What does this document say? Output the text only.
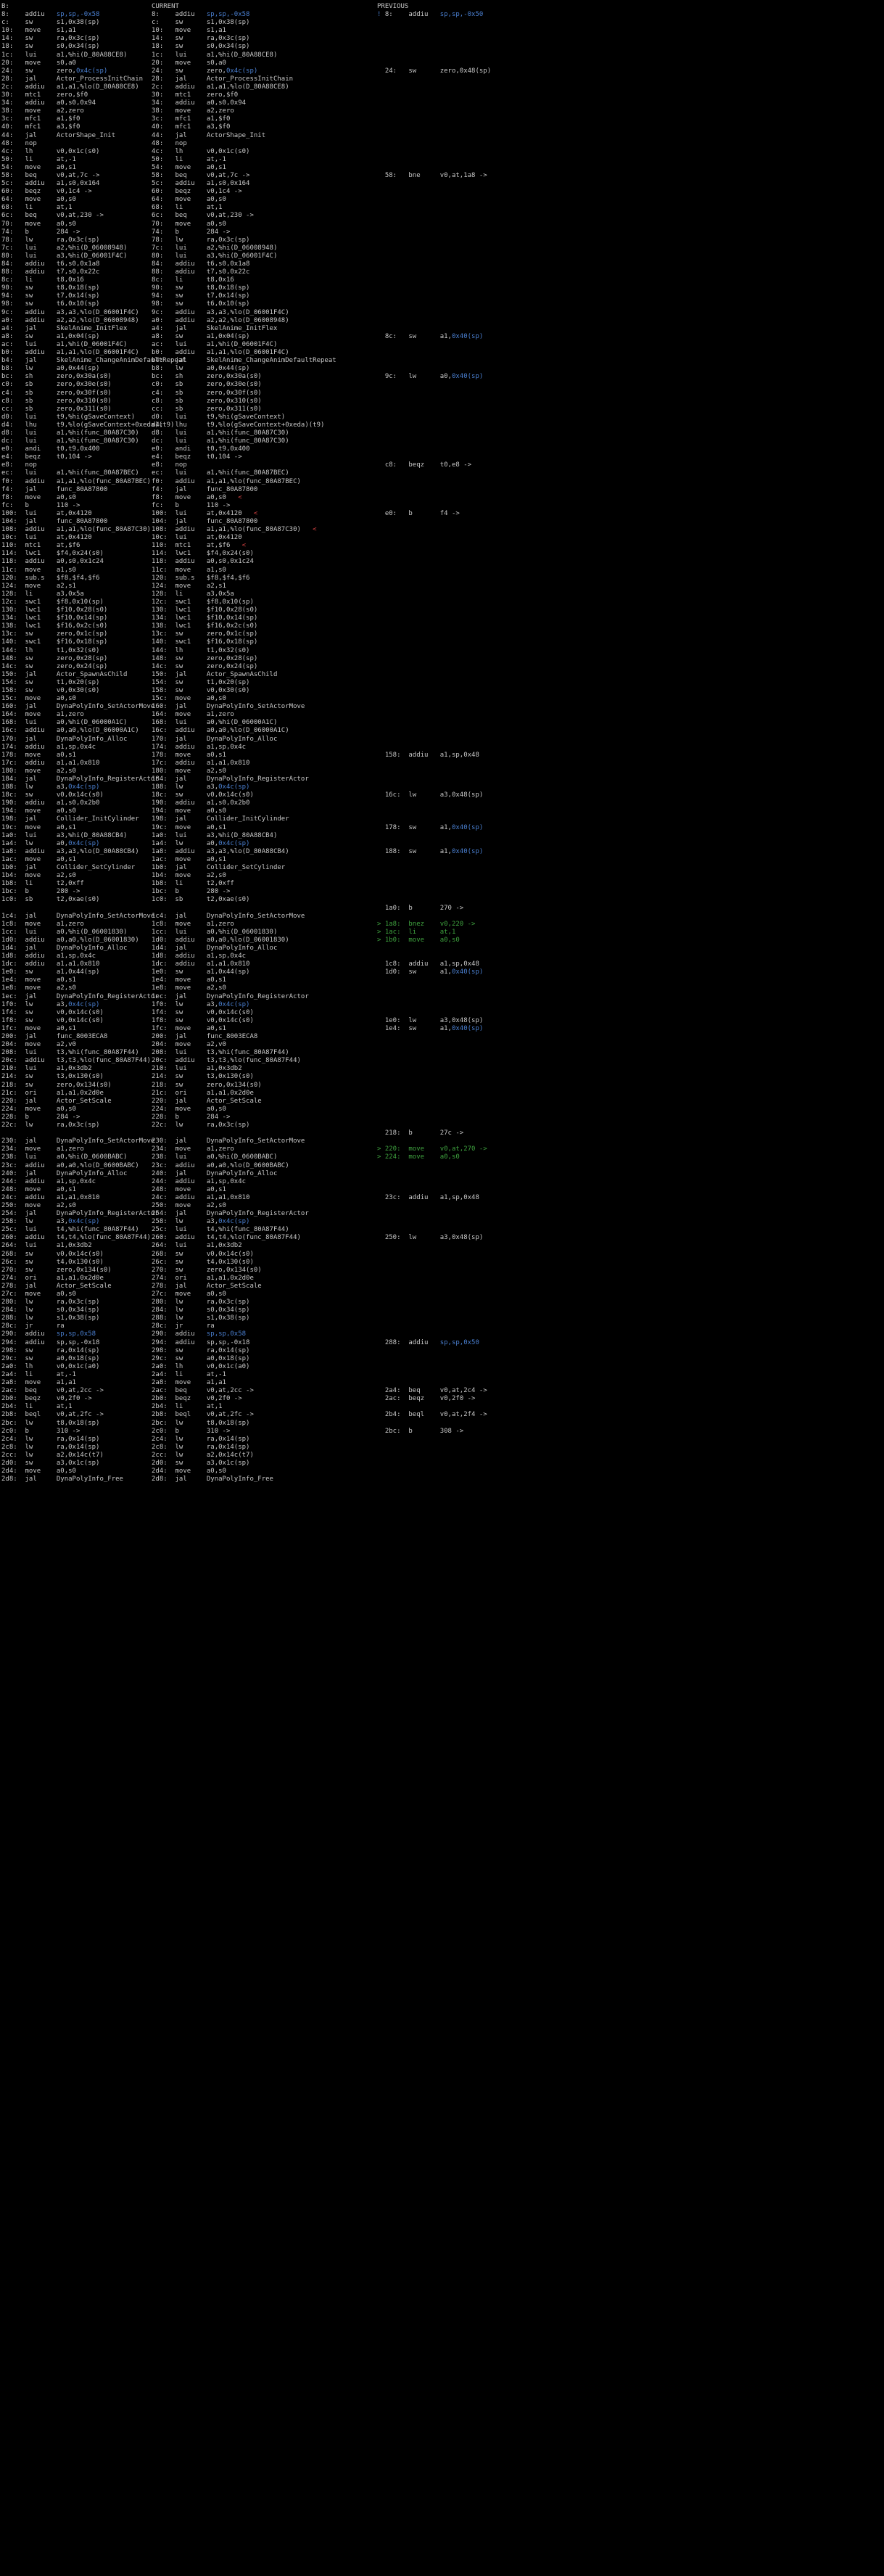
B:
8:    addiu   sp,sp,-0x58
c:    sw      s1,0x38(sp)
10:   move    s1,a1
14:   sw      ra,0x3c(sp)
18:   sw      s0,0x34(sp)
1c:   lui     a1,%hi(D_80A88CE8)
20:   move    s0,a0
24:   sw      zero,0x4c(sp)
28:   jal     Actor_ProcessInitChain
2c:   addiu   a1,a1,%lo(D_80A88CE8)
30:   mtc1    zero,$f0
34:   addiu   a0,s0,0x94
38:   move    a2,zero
3c:   mfc1    a1,$f0
40:   mfc1    a3,$f0
44:   jal     ActorShape_Init
48:   nop
4c:   lh      v0,0x1c(s0)
50:   li      at,-1
54:   move    a0,s1
58:   beq     v0,at,7c ->
5c:   addiu   a1,s0,0x164
60:   beqz    v0,1c4 ->
64:   move    a0,s0
68:   li      at,1
6c:   beq     v0,at,230 ->
70:   move    a0,s0
74:   b       284 ->
78:   lw      ra,0x3c(sp)
7c:   lui     a2,%hi(D_06008948)
80:   lui     a3,%hi(D_06001F4C)
84:   addiu   t6,s0,0x1a8
88:   addiu   t7,s0,0x22c
8c:   li      t8,0x16
90:   sw      t8,0x18(sp)
94:   sw      t7,0x14(sp)
98:   sw      t6,0x10(sp)
9c:   addiu   a3,a3,%lo(D_06001F4C)
a0:   addiu   a2,a2,%lo(D_06008948)
a4:   jal     SkelAnime_InitFlex
a8:   sw      a1,0x04(sp)
ac:   lui     a1,%hi(D_06001F4C)
b0:   addiu   a1,a1,%lo(D_06001F4C)
b4:   jal     SkelAnime_ChangeAnimDefaultRepeat
b8:   lw      a0,0x44(sp)
bc:   sh      zero,0x30a(s0)
c0:   sb      zero,0x30e(s0)
c4:   sb      zero,0x30f(s0)
c8:   sb      zero,0x310(s0)
cc:   sb      zero,0x311(s0)
d0:   lui     t9,%hi(gSaveContext)
d4:   lhu     t9,%lo(gSaveContext+0xeda)(t9)
d8:   lui     a1,%hi(func_80A87C30)
dc:   lui     a1,%hi(func_80A87C30)
e0:   andi    t0,t9,0x400
e4:   beqz    t0,104 ->
e8:   nop
ec:   lui     a1,%hi(func_80A87BEC)
f0:   addiu   a1,a1,%lo(func_80A87BEC)
f4:   jal     func_80A87800
f8:   move    a0,s0
fc:   b       110 ->
100:  lui     at,0x4120
104:  jal     func_80A87800
108:  addiu   a1,a1,%lo(func_80A87C30)
10c:  lui     at,0x4120
110:  mtc1    at,$f6
114:  lwc1    $f4,0x24(s0)
118:  addiu   a0,s0,0x1c24
11c:  move    a1,s0
120:  sub.s   $f8,$f4,$f6
124:  move    a2,s1
128:  li      a3,0x5a
12c:  swc1    $f8,0x10(sp)
130:  lwc1    $f10,0x28(s0)
134:  lwc1    $f10,0x14(sp)
138:  lwc1    $f16,0x2c(s0)
13c:  sw      zero,0x1c(sp)
140:  swc1    $f16,0x18(sp)
144:  lh      t1,0x32(s0)
148:  sw      zero,0x28(sp)
14c:  sw      zero,0x24(sp)
150:  jal     Actor_SpawnAsChild
154:  sw      t1,0x20(sp)
158:  sw      v0,0x30(s0)
15c:  move    a0,s0
160:  jal     DynaPolyInfo_SetActorMove
164:  move    a1,zero
168:  lui     a0,%hi(D_06000A1C)
16c:  addiu   a0,a0,%lo(D_06000A1C)
170:  jal     DynaPolyInfo_Alloc
174:  addiu   a1,sp,0x4c
178:  move    a0,s1
17c:  addiu   a1,a1,0x810
180:  move    a2,s0
184:  jal     DynaPolyInfo_RegisterActor
188:  lw      a3,0x4c(sp)
18c:  sw      v0,0x14c(s0)
190:  addiu   a1,s0,0x2b0
194:  move    a0,s0
198:  jal     Collider_InitCylinder
19c:  move    a0,s1
1a0:  lui     a3,%hi(D_80A88CB4)
1a4:  lw      a0,0x4c(sp)
1a8:  addiu   a3,a3,%lo(D_80A88CB4)
1ac:  move    a0,s1
1b0:  jal     Collider_SetCylinder
1b4:  move    a2,s0
1b8:  li      t2,0xff
1bc:  b       280 ->
1c0:  sb      t2,0xae(s0)

1c4:  jal     DynaPolyInfo_SetActorMove
1c8:  move    a1,zero
1cc:  lui     a0,%hi(D_06001830)
1d0:  addiu   a0,a0,%lo(D_06001830)
1d4:  jal     DynaPolyInfo_Alloc
1d8:  addiu   a1,sp,0x4c
1dc:  addiu   a1,a1,0x810
1e0:  sw      a1,0x44(sp)
1e4:  move    a0,s1
1e8:  move    a2,s0
1ec:  jal     DynaPolyInfo_RegisterActor
1f0:  lw      a3,0x4c(sp)
1f4:  sw      v0,0x14c(s0)
1f8:  sw      v0,0x14c(s0)
1fc:  move    a0,s1
200:  jal     func_8003ECA8
204:  move    a2,v0
208:  lui     t3,%hi(func_80A87F44)
20c:  addiu   t3,t3,%lo(func_80A87F44)
210:  lui     a1,0x3db2
214:  sw      t3,0x130(s0)
218:  sw      zero,0x134(s0)
21c:  ori     a1,a1,0x2d0e
220:  jal     Actor_SetScale
224:  move    a0,s0
228:  b       284 ->
22c:  lw      ra,0x3c(sp)

230:  jal     DynaPolyInfo_SetActorMove
234:  move    a1,zero
238:  lui     a0,%hi(D_0600BABC)
23c:  addiu   a0,a0,%lo(D_0600BABC)
240:  jal     DynaPolyInfo_Alloc
244:  addiu   a1,sp,0x4c
248:  move    a0,s1
24c:  addiu   a1,a1,0x810
250:  move    a2,s0
254:  jal     DynaPolyInfo_RegisterActor
258:  lw      a3,0x4c(sp)
25c:  lui     t4,%hi(func_80A87F44)
260:  addiu   t4,t4,%lo(func_80A87F44)
264:  lui     a1,0x3db2
268:  sw      v0,0x14c(s0)
26c:  sw      t4,0x130(s0)
270:  sw      zero,0x134(s0)
274:  ori     a1,a1,0x2d0e
278:  jal     Actor_SetScale
27c:  move    a0,s0
280:  lw      ra,0x3c(sp)
284:  lw      s0,0x34(sp)
288:  lw      s1,0x38(sp)
28c:  jr      ra
290:  addiu   sp,sp,0x58
294:  addiu   sp,sp,-0x18
298:  sw      ra,0x14(sp)
29c:  sw      a0,0x18(sp)
2a0:  lh      v0,0x1c(a0)
2a4:  li      at,-1
2a8:  move    a1,a1
2ac:  beq     v0,at,2cc ->
2b0:  beqz    v0,2f0 ->
2b4:  li      at,1
2b8:  beql    v0,at,2fc ->
2bc:  lw      t8,0x18(sp)
2c0:  b       310 ->
2c4:  lw      ra,0x14(sp)
2c8:  lw      ra,0x14(sp)
2cc:  lw      a2,0x14c(t7)
2d0:  sw      a3,0x1c(sp)
2d4:  move    a0,s0
2d8:  jal     DynaPolyInfo_Free
CURRENT
8:    addiu   sp,sp,-0x58
c:    sw      s1,0x38(sp)
10:   move    s1,a1
14:   sw      ra,0x3c(sp)
18:   sw      s0,0x34(sp)
1c:   lui     a1,%hi(D_80A88CE8)
20:   move    s0,a0
24:   sw      zero,0x4c(sp)
28:   jal     Actor_ProcessInitChain
2c:   addiu   a1,a1,%lo(D_80A88CE8)
30:   mtc1    zero,$f0
34:   addiu   a0,s0,0x94
38:   move    a2,zero
3c:   mfc1    a1,$f0
40:   mfc1    a3,$f0
44:   jal     ActorShape_Init
48:   nop
4c:   lh      v0,0x1c(s0)
50:   li      at,-1
54:   move    a0,s1
58:   beq     v0,at,7c ->
5c:   addiu   a1,s0,0x164
60:   beqz    v0,1c4 ->
64:   move    a0,s0
68:   li      at,1
6c:   beq     v0,at,230 ->
70:   move    a0,s0
74:   b       284 ->
78:   lw      ra,0x3c(sp)
7c:   lui     a2,%hi(D_06008948)
80:   lui     a3,%hi(D_06001F4C)
84:   addiu   t6,s0,0x1a8
88:   addiu   t7,s0,0x22c
8c:   li      t8,0x16
90:   sw      t8,0x18(sp)
94:   sw      t7,0x14(sp)
98:   sw      t6,0x10(sp)
9c:   addiu   a3,a3,%lo(D_06001F4C)
a0:   addiu   a2,a2,%lo(D_06008948)
a4:   jal     SkelAnime_InitFlex
a8:   sw      a1,0x04(sp)
ac:   lui     a1,%hi(D_06001F4C)
b0:   addiu   a1,a1,%lo(D_06001F4C)
b4:   jal     SkelAnime_ChangeAnimDefaultRepeat
b8:   lw      a0,0x44(sp)
bc:   sh      zero,0x30a(s0)
c0:   sb      zero,0x30e(s0)
c4:   sb      zero,0x30f(s0)
c8:   sb      zero,0x310(s0)
cc:   sb      zero,0x311(s0)
d0:   lui     t9,%hi(gSaveContext)
d4:   lhu     t9,%lo(gSaveContext+0xeda)(t9)
d8:   lui     a1,%hi(func_80A87C30)
dc:   lui     a1,%hi(func_80A87C30)
e0:   andi    t0,t9,0x400
e4:   beqz    t0,104 ->
e8:   nop
ec:   lui     a1,%hi(func_80A87BEC)
f0:   addiu   a1,a1,%lo(func_80A87BEC)
f4:   jal     func_80A87800
f8:   move    a0,s0   <
fc:   b       110 ->
100:  lui     at,0x4120   <
104:  jal     func_80A87800
108:  addiu   a1,a1,%lo(func_80A87C30)   <
10c:  lui     at,0x4120
110:  mtc1    at,$f6   <
114:  lwc1    $f4,0x24(s0)
118:  addiu   a0,s0,0x1c24
11c:  move    a1,s0
120:  sub.s   $f8,$f4,$f6
124:  move    a2,s1
128:  li      a3,0x5a
12c:  swc1    $f8,0x10(sp)
130:  lwc1    $f10,0x28(s0)
134:  lwc1    $f10,0x14(sp)
138:  lwc1    $f16,0x2c(s0)
13c:  sw      zero,0x1c(sp)
140:  swc1    $f16,0x18(sp)
144:  lh      t1,0x32(s0)
148:  sw      zero,0x28(sp)
14c:  sw      zero,0x24(sp)
150:  jal     Actor_SpawnAsChild
154:  sw      t1,0x20(sp)
158:  sw      v0,0x30(s0)
15c:  move    a0,s0
160:  jal     DynaPolyInfo_SetActorMove
164:  move    a1,zero
168:  lui     a0,%hi(D_06000A1C)
16c:  addiu   a0,a0,%lo(D_06000A1C)
170:  jal     DynaPolyInfo_Alloc
174:  addiu   a1,sp,0x4c
178:  move    a0,s1
17c:  addiu   a1,a1,0x810
180:  move    a2,s0
184:  jal     DynaPolyInfo_RegisterActor
188:  lw      a3,0x4c(sp)
18c:  sw      v0,0x14c(s0)
190:  addiu   a1,s0,0x2b0
194:  move    a0,s0
198:  jal     Collider_InitCylinder
19c:  move    a0,s1
1a0:  lui     a3,%hi(D_80A88CB4)
1a4:  lw      a0,0x4c(sp)
1a8:  addiu   a3,a3,%lo(D_80A88CB4)
1ac:  move    a0,s1
1b0:  jal     Collider_SetCylinder
1b4:  move    a2,s0
1b8:  li      t2,0xff
1bc:  b       280 ->
1c0:  sb      t2,0xae(s0)

1c4:  jal     DynaPolyInfo_SetActorMove
1c8:  move    a1,zero
1cc:  lui     a0,%hi(D_06001830)
1d0:  addiu   a0,a0,%lo(D_06001830)
1d4:  jal     DynaPolyInfo_Alloc
1d8:  addiu   a1,sp,0x4c
1dc:  addiu   a1,a1,0x810
1e0:  sw      a1,0x44(sp)
1e4:  move    a0,s1
1e8:  move    a2,s0
1ec:  jal     DynaPolyInfo_RegisterActor
1f0:  lw      a3,0x4c(sp)
1f4:  sw      v0,0x14c(s0)
1f8:  sw      v0,0x14c(s0)
1fc:  move    a0,s1
200:  jal     func_8003ECA8
204:  move    a2,v0
208:  lui     t3,%hi(func_80A87F44)
20c:  addiu   t3,t3,%lo(func_80A87F44)
210:  lui     a1,0x3db2
214:  sw      t3,0x130(s0)
218:  sw      zero,0x134(s0)
21c:  ori     a1,a1,0x2d0e
220:  jal     Actor_SetScale
224:  move    a0,s0
228:  b       284 ->
22c:  lw      ra,0x3c(sp)

230:  jal     DynaPolyInfo_SetActorMove
234:  move    a1,zero
238:  lui     a0,%hi(D_0600BABC)
23c:  addiu   a0,a0,%lo(D_0600BABC)
240:  jal     DynaPolyInfo_Alloc
244:  addiu   a1,sp,0x4c
248:  move    a0,s1
24c:  addiu   a1,a1,0x810
250:  move    a2,s0
254:  jal     DynaPolyInfo_RegisterActor
258:  lw      a3,0x4c(sp)
25c:  lui     t4,%hi(func_80A87F44)
260:  addiu   t4,t4,%lo(func_80A87F44)
264:  lui     a1,0x3db2
268:  sw      v0,0x14c(s0)
26c:  sw      t4,0x130(s0)
270:  sw      zero,0x134(s0)
274:  ori     a1,a1,0x2d0e
278:  jal     Actor_SetScale
27c:  move    a0,s0
280:  lw      ra,0x3c(sp)
284:  lw      s0,0x34(sp)
288:  lw      s1,0x38(sp)
28c:  jr      ra
290:  addiu   sp,sp,0x58
294:  addiu   sp,sp,-0x18
298:  sw      ra,0x14(sp)
29c:  sw      a0,0x18(sp)
2a0:  lh      v0,0x1c(a0)
2a4:  li      at,-1
2a8:  move    a1,a1
2ac:  beq     v0,at,2cc ->
2b0:  beqz    v0,2f0 ->
2b4:  li      at,1
2b8:  beql    v0,at,2fc ->
2bc:  lw      t8,0x18(sp)
2c0:  b       310 ->
2c4:  lw      ra,0x14(sp)
2c8:  lw      ra,0x14(sp)
2cc:  lw      a2,0x14c(t7)
2d0:  sw      a3,0x1c(sp)
2d4:  move    a0,s0
2d8:  jal     DynaPolyInfo_Free
PREVIOUS
! 8:    addiu   sp,sp,-0x50

24:   sw      zero,0x48(sp)

58:   bne     v0,at,1a8 ->

8c:   sw      a1,0x40(sp)

9c:   lw      a0,0x40(sp)

c8:   beqz    t0,e8 ->

e0:   b       f4 ->

158:  addiu   a1,sp,0x48

16c:  lw      a3,0x48(sp)

178:  sw      a1,0x40(sp)

188:  sw      a1,0x40(sp)

1a0:  b       270 ->

> 1a8:  bnez    v0,220 ->
> 1ac:  li      at,1
> 1b0:  move    a0,s0

1c8:  addiu   a1,sp,0x48
1d0:  sw      a1,0x40(sp)

1e0:  lw      a3,0x48(sp)
1e4:  sw      a1,0x40(sp)

218:  b       27c ->

> 220:  move    v0,at,270 ->
> 224:  move    a0,s0

23c:  addiu   a1,sp,0x48

250:  lw      a3,0x48(sp)

288:  addiu   sp,sp,0x50

2a4:  beq     v0,at,2c4 ->
2ac:  beqz    v0,2f0 ->

2b4:  beql    v0,at,2f4 ->

2bc:  b       308 ->
